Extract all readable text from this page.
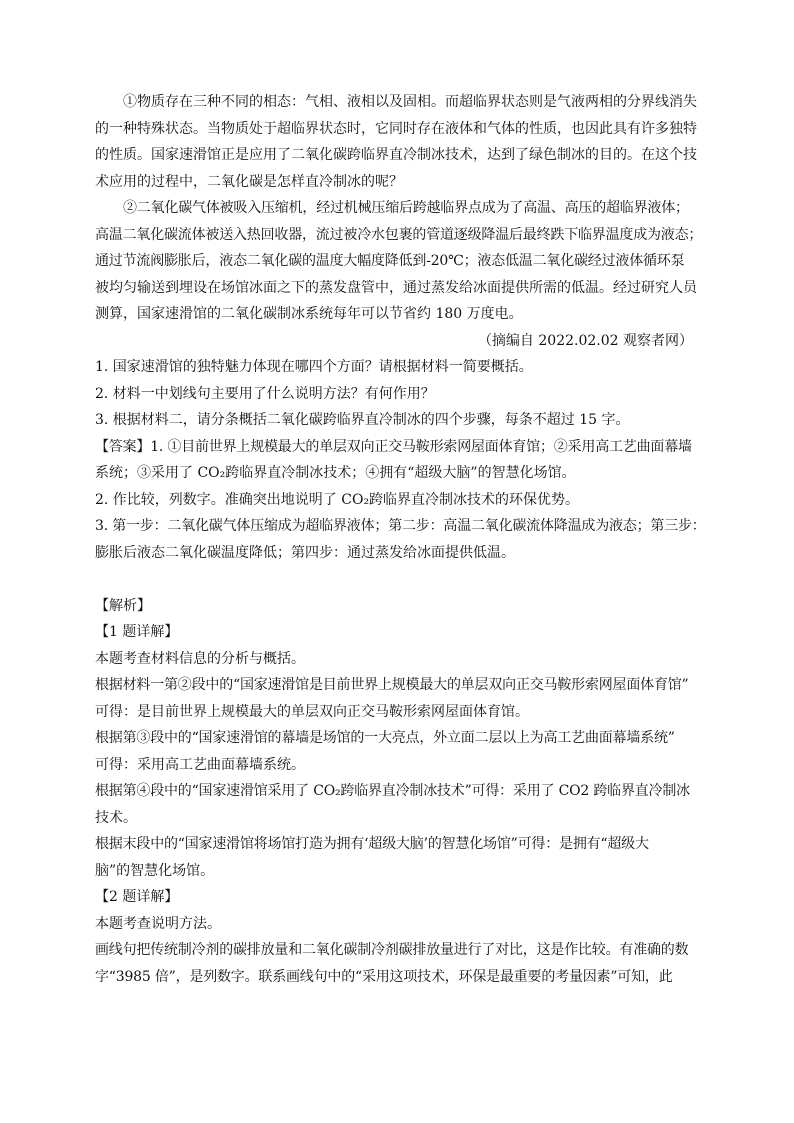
①物质存在三种不同的相态：气相、液相以及固相。而超临界状态则是气液两相的分界线消失
的一种特殊状态。当物质处于超临界状态时，它同时存在液体和气体的性质，也因此具有许多独特
的性质。国家速滑馆正是应用了二氧化碳跨临界直冷制冰技术，达到了绿色制冰的目的。在这个技
术应用的过程中，二氧化碳是怎样直冷制冰的呢？
②二氧化碳气体被吸入压缩机，经过机械压缩后跨越临界点成为了高温、高压的超临界液体；
高温二氧化碳流体被送入热回收器，流过被冷水包裹的管道逐级降温后最终跌下临界温度成为液态；
通过节流阀膨胀后，液态二氧化碳的温度大幅度降低到-20℃；液态低温二氧化碳经过液体循环泵
被均匀输送到埋设在场馆冰面之下的蒸发盘管中，通过蒸发给冰面提供所需的低温。经过研究人员
测算，国家速滑馆的二氧化碳制冰系统每年可以节省约 180 万度电。
（摘编自 2022.02.02 观察者网）
1. 国家速滑馆的独特魅力体现在哪四个方面？请根据材料一简要概括。
2. 材料一中划线句主要用了什么说明方法？有何作用？
3. 根据材料二，请分条概括二氧化碳跨临界直冷制冰的四个步骤，每条不超过 15 字。
【答案】1. ①目前世界上规模最大的单层双向正交马鞍形索网屋面体育馆；②采用高工艺曲面幕墙
系统；③采用了 CO₂跨临界直冷制冰技术；④拥有“超级大脑”的智慧化场馆。
2. 作比较，列数字。准确突出地说明了 CO₂跨临界直冷制冰技术的环保优势。
3. 第一步：二氧化碳气体压缩成为超临界液体；第二步：高温二氧化碳流体降温成为液态；第三步：
膨胀后液态二氧化碳温度降低；第四步：通过蒸发给冰面提供低温。
【解析】
【1 题详解】
本题考查材料信息的分析与概括。
根据材料一第②段中的“国家速滑馆是目前世界上规模最大的单层双向正交马鞍形索网屋面体育馆”
可得：是目前世界上规模最大的单层双向正交马鞍形索网屋面体育馆。
根据第③段中的“国家速滑馆的幕墙是场馆的一大亮点，外立面二层以上为高工艺曲面幕墙系统”
可得：采用高工艺曲面幕墙系统。
根据第④段中的“国家速滑馆采用了 CO₂跨临界直冷制冰技术”可得：采用了 CO2 跨临界直冷制冰
技术。
根据末段中的“国家速滑馆将场馆打造为拥有‘超级大脑’的智慧化场馆”可得：是拥有“超级大
脑”的智慧化场馆。
【2 题详解】
本题考查说明方法。
画线句把传统制冷剂的碳排放量和二氧化碳制冷剂碳排放量进行了对比，这是作比较。有准确的数
字“3985 倍”，是列数字。联系画线句中的“采用这项技术，环保是最重要的考量因素”可知，此
